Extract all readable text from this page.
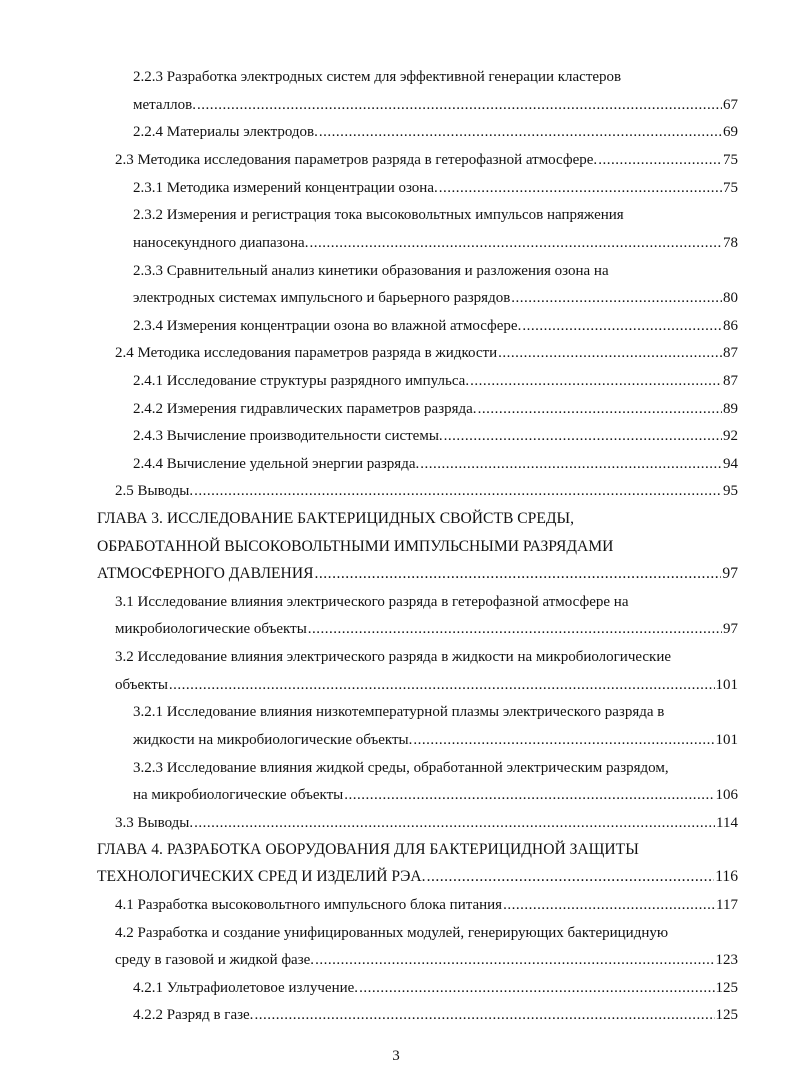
2.2.3 Разработка электродных систем для эффективной генерации кластеров
металлов. .....	67
2.2.4 Материалы электродов. .....	69
2.3 Методика исследования параметров разряда в гетерофазной атмосфере. .....	75
2.3.1 Методика измерений концентрации озона. .....	75
2.3.2 Измерения и регистрация тока высоковольтных импульсов напряжения
наносекундного диапазона. .....	78
2.3.3 Сравнительный анализ кинетики образования и разложения озона на
электродных системах импульсного и барьерного разрядов .....	80
2.3.4 Измерения концентрации озона во влажной атмосфере. .....	86
2.4 Методика исследования параметров разряда в жидкости .....	87
2.4.1 Исследование структуры разрядного импульса. .....	87
2.4.2 Измерения гидравлических параметров разряда. .....	89
2.4.3 Вычисление производительности системы. .....	92
2.4.4 Вычисление удельной энергии разряда. .....	94
2.5 Выводы. .....	95
ГЛАВА 3. ИССЛЕДОВАНИЕ БАКТЕРИЦИДНЫХ СВОЙСТВ СРЕДЫ,
ОБРАБОТАННОЙ ВЫСОКОВОЛЬТНЫМИ ИМПУЛЬСНЫМИ РАЗРЯДАМИ
АТМОСФЕРНОГО ДАВЛЕНИЯ .....	97
3.1 Исследование влияния электрического разряда в гетерофазной атмосфере на
микробиологические объекты .....	97
3.2 Исследование влияния электрического разряда в жидкости на микробиологические
объекты .....	101
3.2.1 Исследование влияния низкотемпературной плазмы электрического разряда в
жидкости на микробиологические объекты. .....	101
3.2.3 Исследование влияния жидкой среды, обработанной электрическим разрядом,
на микробиологические объекты .....	106
3.3 Выводы. .....	114
ГЛАВА 4. РАЗРАБОТКА ОБОРУДОВАНИЯ ДЛЯ БАКТЕРИЦИДНОЙ ЗАЩИТЫ
ТЕХНОЛОГИЧЕСКИХ СРЕД И ИЗДЕЛИЙ РЭА. .....	116
4.1 Разработка высоковольтного импульсного блока питания .....	117
4.2 Разработка и создание унифицированных модулей, генерирующих бактерицидную
среду в газовой и жидкой фазе. .....	123
4.2.1 Ультрафиолетовое излучение. .....	125
4.2.2 Разряд в газе. .....	125
3
